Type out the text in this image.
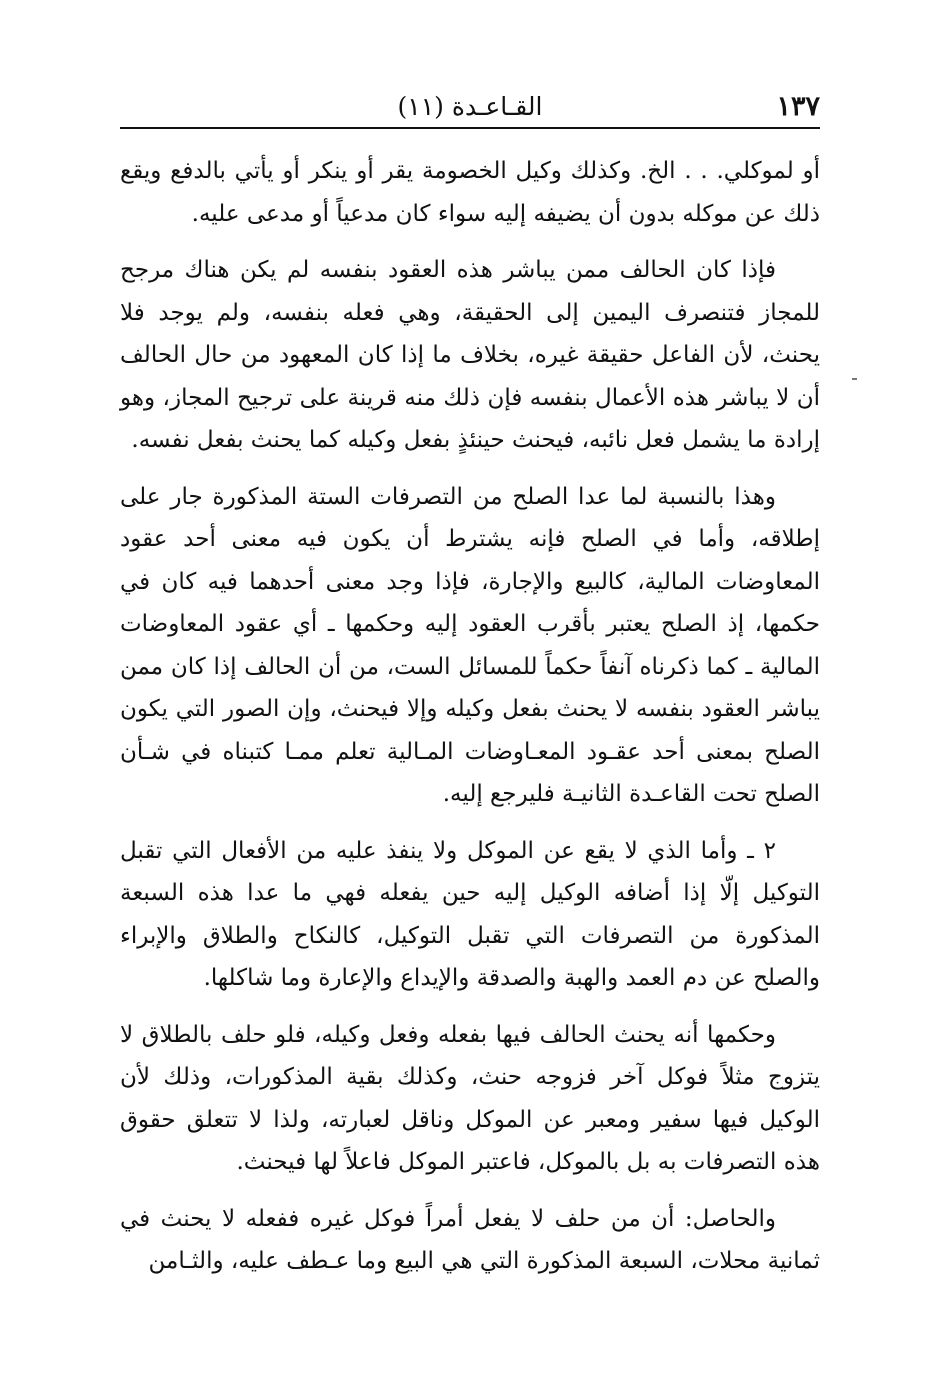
١٣٧
القـاعـدة (١١)

أو لموكلي. . . الخ. وكذلك وكيل الخصومة يقر أو ينكر أو يأتي بالدفع ويقع ذلك عن موكله بدون أن يضيفه إليه سواء كان مدعياً أو مدعى عليه.

فإذا كان الحالف ممن يباشر هذه العقود بنفسه لم يكن هناك مرجح للمجاز فتنصرف اليمين إلى الحقيقة، وهي فعله بنفسه، ولم يوجد فلا يحنث، لأن الفاعل حقيقة غيره، بخلاف ما إذا كان المعهود من حال الحالف أن لا يباشر هذه الأعمال بنفسه فإن ذلك منه قرينة على ترجيح المجاز، وهو إرادة ما يشمل فعل نائبه، فيحنث حينئذٍ بفعل وكيله كما يحنث بفعل نفسه.

وهذا بالنسبة لما عدا الصلح من التصرفات الستة المذكورة جار على إطلاقه، وأما في الصلح فإنه يشترط أن يكون فيه معنى أحد عقود المعاوضات المالية، كالبيع والإجارة، فإذا وجد معنى أحدهما فيه كان في حكمها، إذ الصلح يعتبر بأقرب العقود إليه وحكمها ـ أي عقود المعاوضات المالية ـ كما ذكرناه آنفاً حكماً للمسائل الست، من أن الحالف إذا كان ممن يباشر العقود بنفسه لا يحنث بفعل وكيله وإلا فيحنث، وإن الصور التي يكون الصلح بمعنى أحد عقـود المعـاوضات المـالية تعلم ممـا كتبناه في شـأن الصلح تحت القاعـدة الثانيـة فليرجع إليه.

٢ ـ وأما الذي لا يقع عن الموكل ولا ينفذ عليه من الأفعال التي تقبل التوكيل إلّا إذا أضافه الوكيل إليه حين يفعله فهي ما عدا هذه السبعة المذكورة من التصرفات التي تقبل التوكيل، كالنكاح والطلاق والإبراء والصلح عن دم العمد والهبة والصدقة والإيداع والإعارة وما شاكلها.

وحكمها أنه يحنث الحالف فيها بفعله وفعل وكيله، فلو حلف بالطلاق لا يتزوج مثلاً فوكل آخر فزوجه حنث، وكذلك بقية المذكورات، وذلك لأن الوكيل فيها سفير ومعبر عن الموكل وناقل لعبارته، ولذا لا تتعلق حقوق هذه التصرفات به بل بالموكل، فاعتبر الموكل فاعلاً لها فيحنث.

والحاصل: أن من حلف لا يفعل أمراً فوكل غيره ففعله لا يحنث في ثمانية محلات، السبعة المذكورة التي هي البيع وما عـطف عليه، والثـامن
